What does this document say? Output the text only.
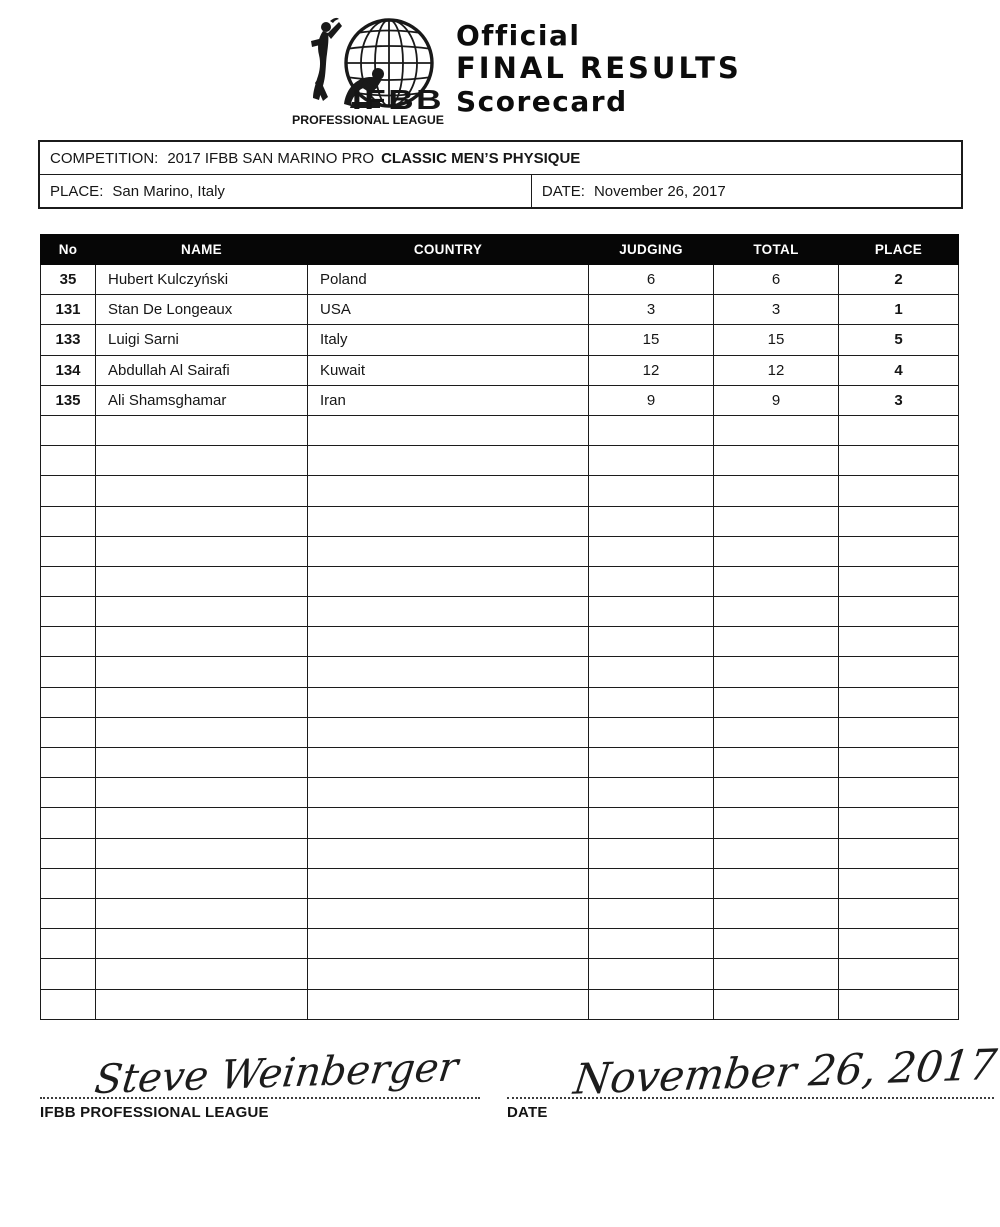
IFBB
PROFESSIONAL LEAGUE
Official
FINAL RESULTS
Scorecard
COMPETITION: 2017 IFBB SAN MARINO PRO CLASSIC MEN’S PHYSIQUE
PLACE: San Marino, Italy	DATE: November 26, 2017
No	NAME	COUNTRY	JUDGING	TOTAL	PLACE
35	Hubert Kulczyński	Poland	6	6	2
131	Stan De Longeaux	USA	3	3	1
133	Luigi Sarni	Italy	15	15	5
134	Abdullah Al Sairafi	Kuwait	12	12	4
135	Ali Shamsghamar	Iran	9	9	3

Steve Weinberger
IFBB PROFESSIONAL LEAGUE
November 26, 2017
DATE
